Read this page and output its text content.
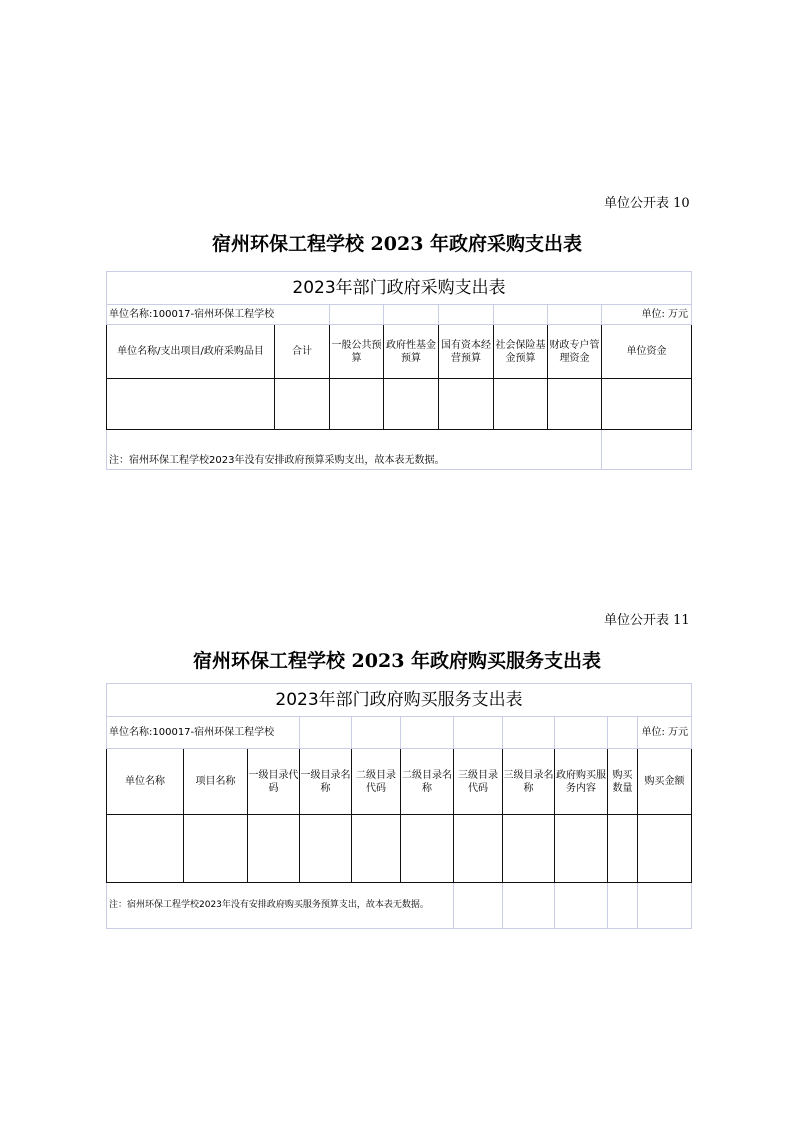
单位公开表 10
宿州环保工程学校 2023 年政府采购支出表
2023年部门政府采购支出表							
单位名称:100017-宿州环保工程学校							单位: 万元
单位名称/支出项目/政府采购品目	合计	一般公共预算	政府性基金预算	国有资本经营预算	社会保险基金预算	财政专户管理资金	单位资金

注：宿州环保工程学校2023年没有安排政府预算采购支出，故本表无数据。							
单位公开表 11
宿州环保工程学校 2023 年政府购买服务支出表
2023年部门政府购买服务支出表										
单位名称:100017-宿州环保工程学校										单位: 万元
单位名称	项目名称	一级目录代码	一级目录名称	二级目录代码	二级目录名称	三级目录代码	三级目录名称	政府购买服务内容	购买数量	购买金额

注：宿州环保工程学校2023年没有安排政府购买服务预算支出，故本表无数据。										
